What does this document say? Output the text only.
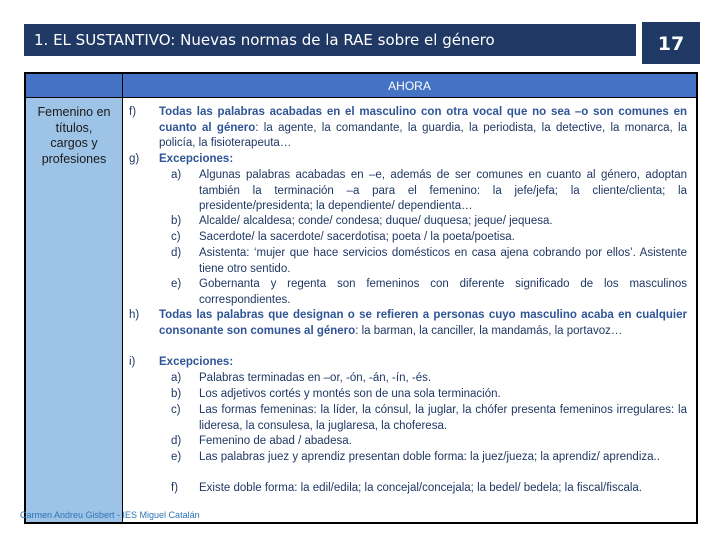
1. EL SUSTANTIVO: Nuevas normas de la RAE sobre el género	17
AHORA
Femenino en
títulos,
cargos y
profesiones
f) Todas las palabras acabadas en el masculino con otra vocal que no sea –o son comunes en cuanto al género: la agente, la comandante, la guardia, la periodista, la detective, la monarca, la policía, la fisioterapeuta…
g) Excepciones:
a) Algunas palabras acabadas en –e, además de ser comunes en cuanto al género, adoptan también la terminación –a para el femenino: la jefe/jefa; la cliente/clienta; la presidente/presidenta; la dependiente/ dependienta…
b) Alcalde/ alcaldesa; conde/ condesa; duque/ duquesa; jeque/ jequesa.
c) Sacerdote/ la sacerdote/ sacerdotisa; poeta / la poeta/poetisa.
d) Asistenta: ‘mujer que hace servicios domésticos en casa ajena cobrando por ellos’. Asistente tiene otro sentido.
e) Gobernanta y regenta son femeninos con diferente significado de los masculinos correspondientes.
h) Todas las palabras que designan o se refieren a personas cuyo masculino acaba en cualquier consonante son comunes al género: la barman, la canciller, la mandamás, la portavoz…
i) Excepciones:
a) Palabras terminadas en –or, -ón, -án, -ín, -és.
b) Los adjetivos cortés y montés son de una sola terminación.
c) Las formas femeninas: la líder, la cónsul, la juglar, la chófer presenta femeninos irregulares: la lideresa, la consulesa, la juglaresa, la choferesa.
d) Femenino de abad / abadesa.
e) Las palabras juez y aprendiz presentan doble forma: la juez/jueza; la aprendiz/ aprendiza..
f) Existe doble forma: la edil/edila; la concejal/concejala; la bedel/ bedela; la fiscal/fiscala.
Carmen Andreu Gisbert - IES Miguel Catalán
